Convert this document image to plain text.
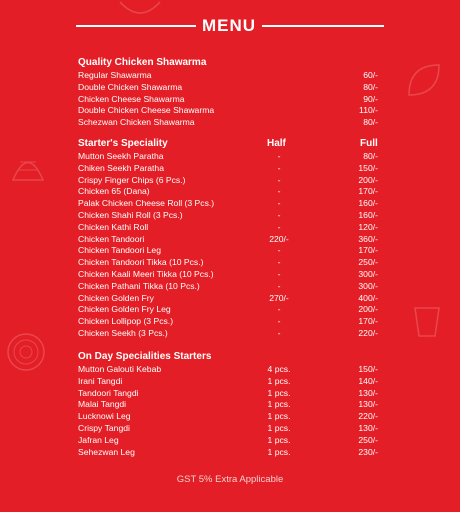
MENU
Quality Chicken Shawarma
Regular Shawarma	60/-
Double Chicken Shawarma	80/-
Chicken Cheese Shawarma	90/-
Double Chicken Cheese Shawarma	110/-
Schezwan Chicken Shawarma	80/-
Starter's Speciality	Half	Full
Mutton Seekh Paratha	-	80/-
Chiken Seekh Paratha	-	150/-
Crispy Finger Chips (6 Pcs.)	-	200/-
Chicken 65 (Dana)	-	170/-
Palak Chicken Cheese Roll (3 Pcs.)	-	160/-
Chicken Shahi Roll (3 Pcs.)	-	160/-
Chicken Kathi Roll	-	120/-
Chicken Tandoori	220/-	360/-
Chicken Tandoori Leg	-	170/-
Chicken Tandoori Tikka (10 Pcs.)	-	250/-
Chicken Kaali Meeri Tikka (10 Pcs.)	-	300/-
Chicken Pathani Tikka (10 Pcs.)	-	300/-
Chicken Golden Fry	270/-	400/-
Chicken Golden Fry Leg	-	200/-
Chicken Lollipop (3 Pcs.)	-	170/-
Chicken Seekh (3 Pcs.)	-	220/-
On Day Specialities Starters
Mutton Galouti Kebab	4 pcs.	150/-
Irani Tangdi	1 pcs.	140/-
Tandoori Tangdi	1 pcs.	130/-
Malai Tangdi	1 pcs.	130/-
Lucknowi Leg	1 pcs.	220/-
Crispy Tangdi	1 pcs.	130/-
Jafran Leg	1 pcs.	250/-
Sehezwan Leg	1 pcs.	230/-
GST 5% Extra Applicable
